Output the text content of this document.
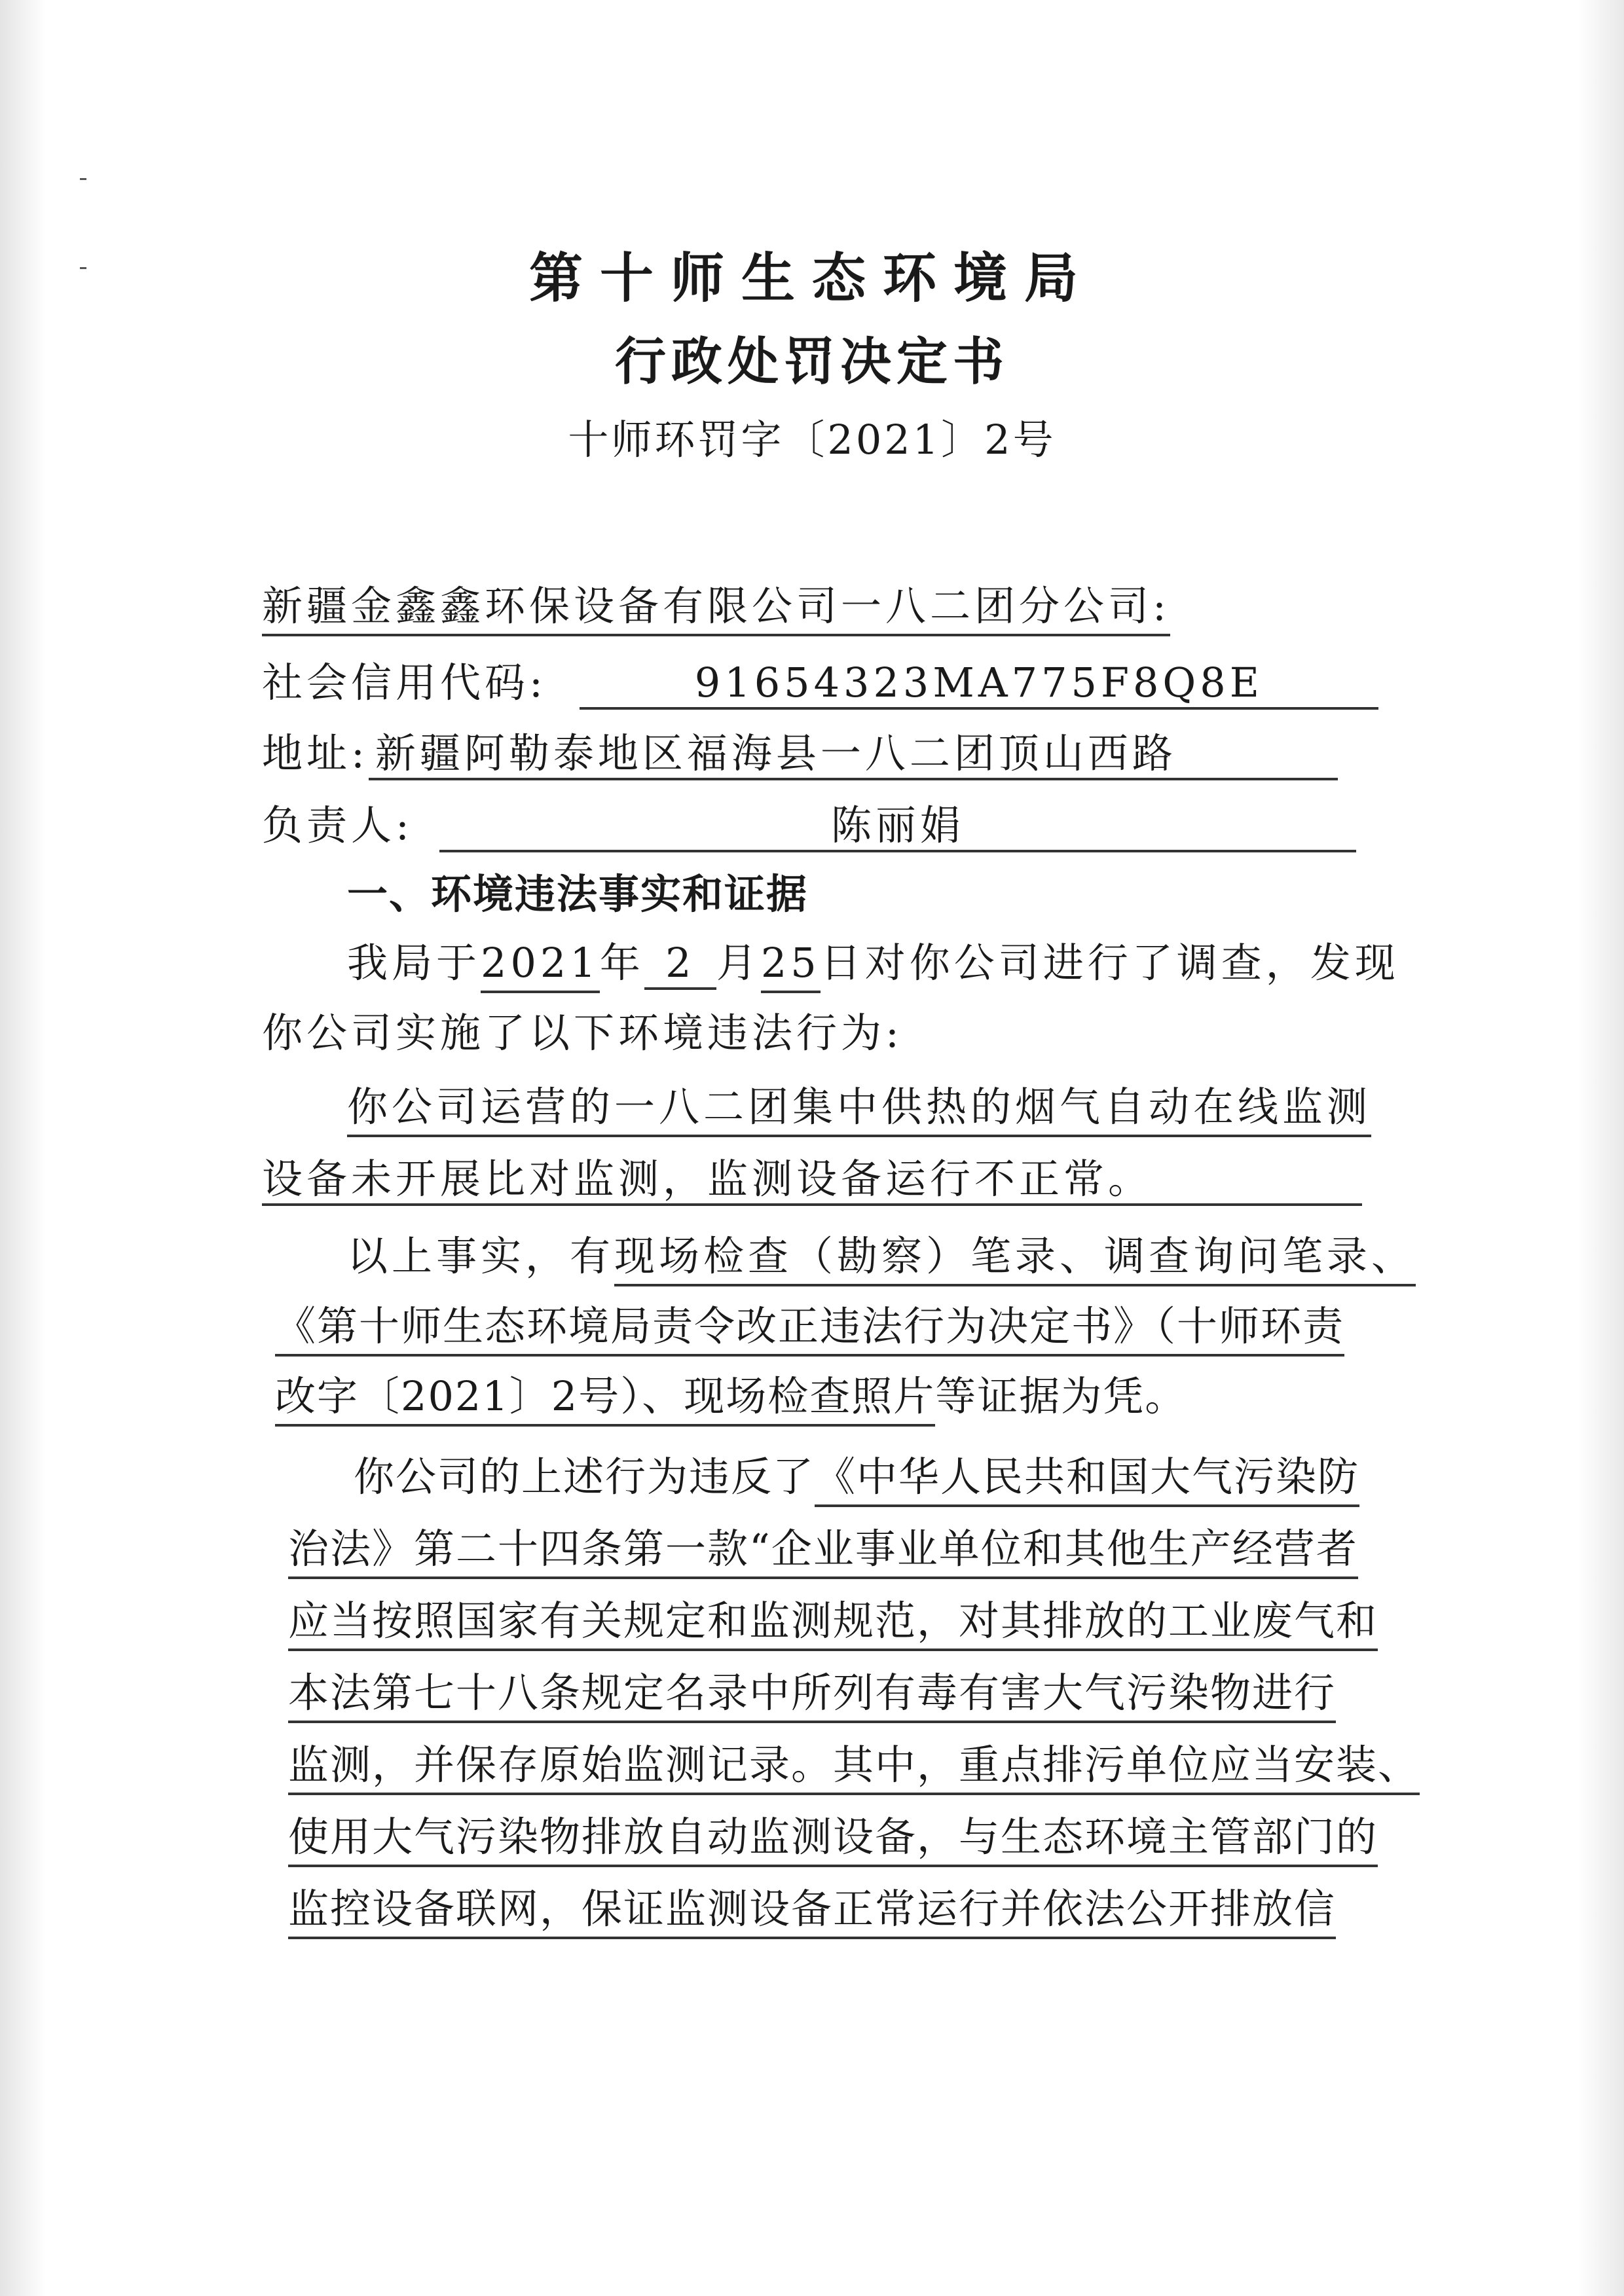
第十师生态环境局
行政处罚决定书
十师环罚字〔2021〕2号
新疆金鑫鑫环保设备有限公司一八二团分公司:
社会信用代码:	91654323MA775F8Q8E
地址: 新疆阿勒泰地区福海县一八二团顶山西路
负责人:	陈丽娟
一、环境违法事实和证据
我局于2021年 2 月25日对你公司进行了调查，发现
你公司实施了以下环境违法行为:
你公司运营的一八二团集中供热的烟气自动在线监测
设备未开展比对监测，监测设备运行不正常。
以上事实，有现场检查（勘察）笔录、调查询问笔录、
《第十师生态环境局责令改正违法行为决定书》（十师环责
改字〔2021〕2号）、现场检查照片等证据为凭。
你公司的上述行为违反了《中华人民共和国大气污染防
治法》第二十四条第一款“企业事业单位和其他生产经营者
应当按照国家有关规定和监测规范，对其排放的工业废气和
本法第七十八条规定名录中所列有毒有害大气污染物进行
监测，并保存原始监测记录。其中，重点排污单位应当安装、
使用大气污染物排放自动监测设备，与生态环境主管部门的
监控设备联网，保证监测设备正常运行并依法公开排放信
